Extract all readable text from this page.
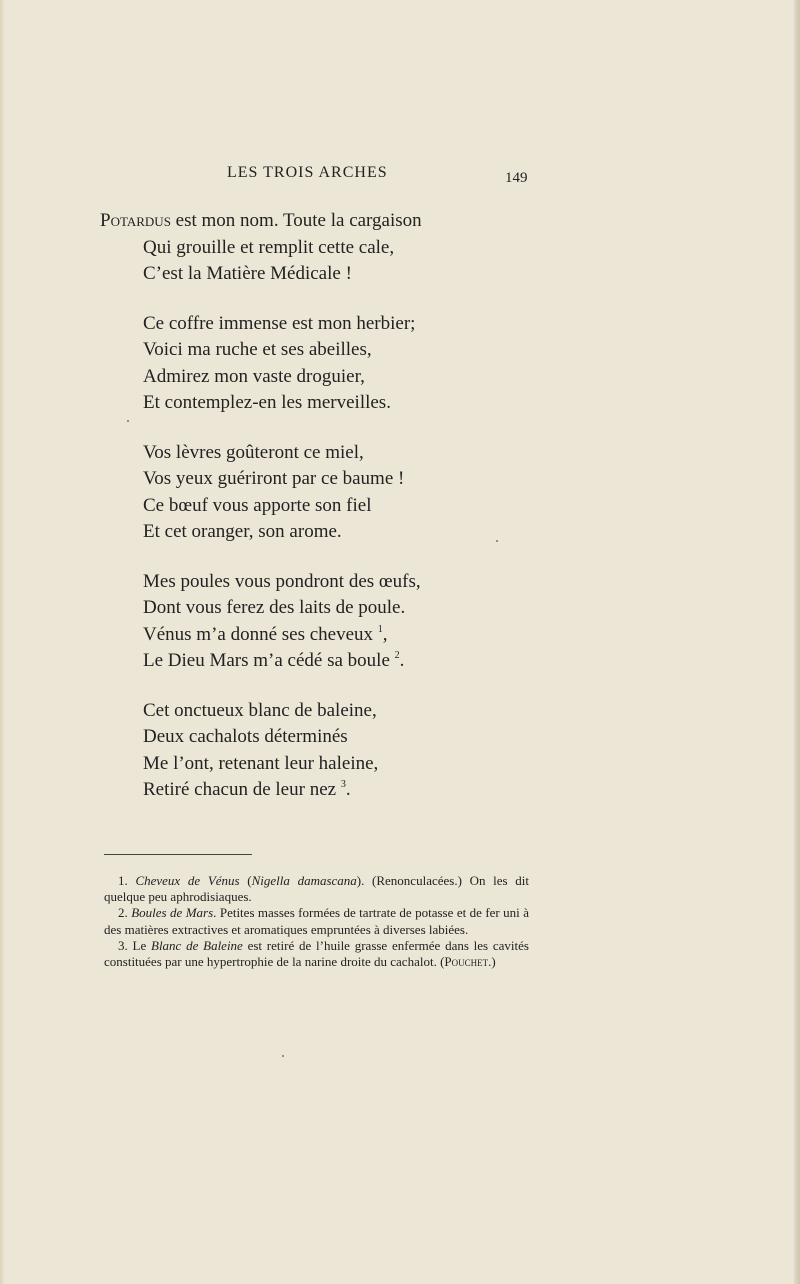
LES TROIS ARCHES	149
Potardus est mon nom. Toute la cargaison
Qui grouille et remplit cette cale,
C’est la Matière Médicale !
Ce coffre immense est mon herbier;
Voici ma ruche et ses abeilles,
Admirez mon vaste droguier,
Et contemplez-en les merveilles.
Vos lèvres goûteront ce miel,
Vos yeux guériront par ce baume !
Ce bœuf vous apporte son fiel
Et cet oranger, son arome.
Mes poules vous pondront des œufs,
Dont vous ferez des laits de poule.
Vénus m’a donné ses cheveux $^1$,
Le Dieu Mars m’a cédé sa boule $^2$.
Cet onctueux blanc de baleine,
Deux cachalots déterminés
Me l’ont, retenant leur haleine,
Retiré chacun de leur nez $^3$.
1. Cheveux de Vénus (Nigella damascana). (Renonculacées.) On les dit quelque peu aphrodisiaques.
2. Boules de Mars. Petites masses formées de tartrate de potasse et de fer uni à des matières extractives et aromatiques empruntées à diverses labiées.
3. Le Blanc de Baleine est retiré de l’huile grasse enfermée dans les cavités constituées par une hypertrophie de la narine droite du cachalot. (Pouchet.)
